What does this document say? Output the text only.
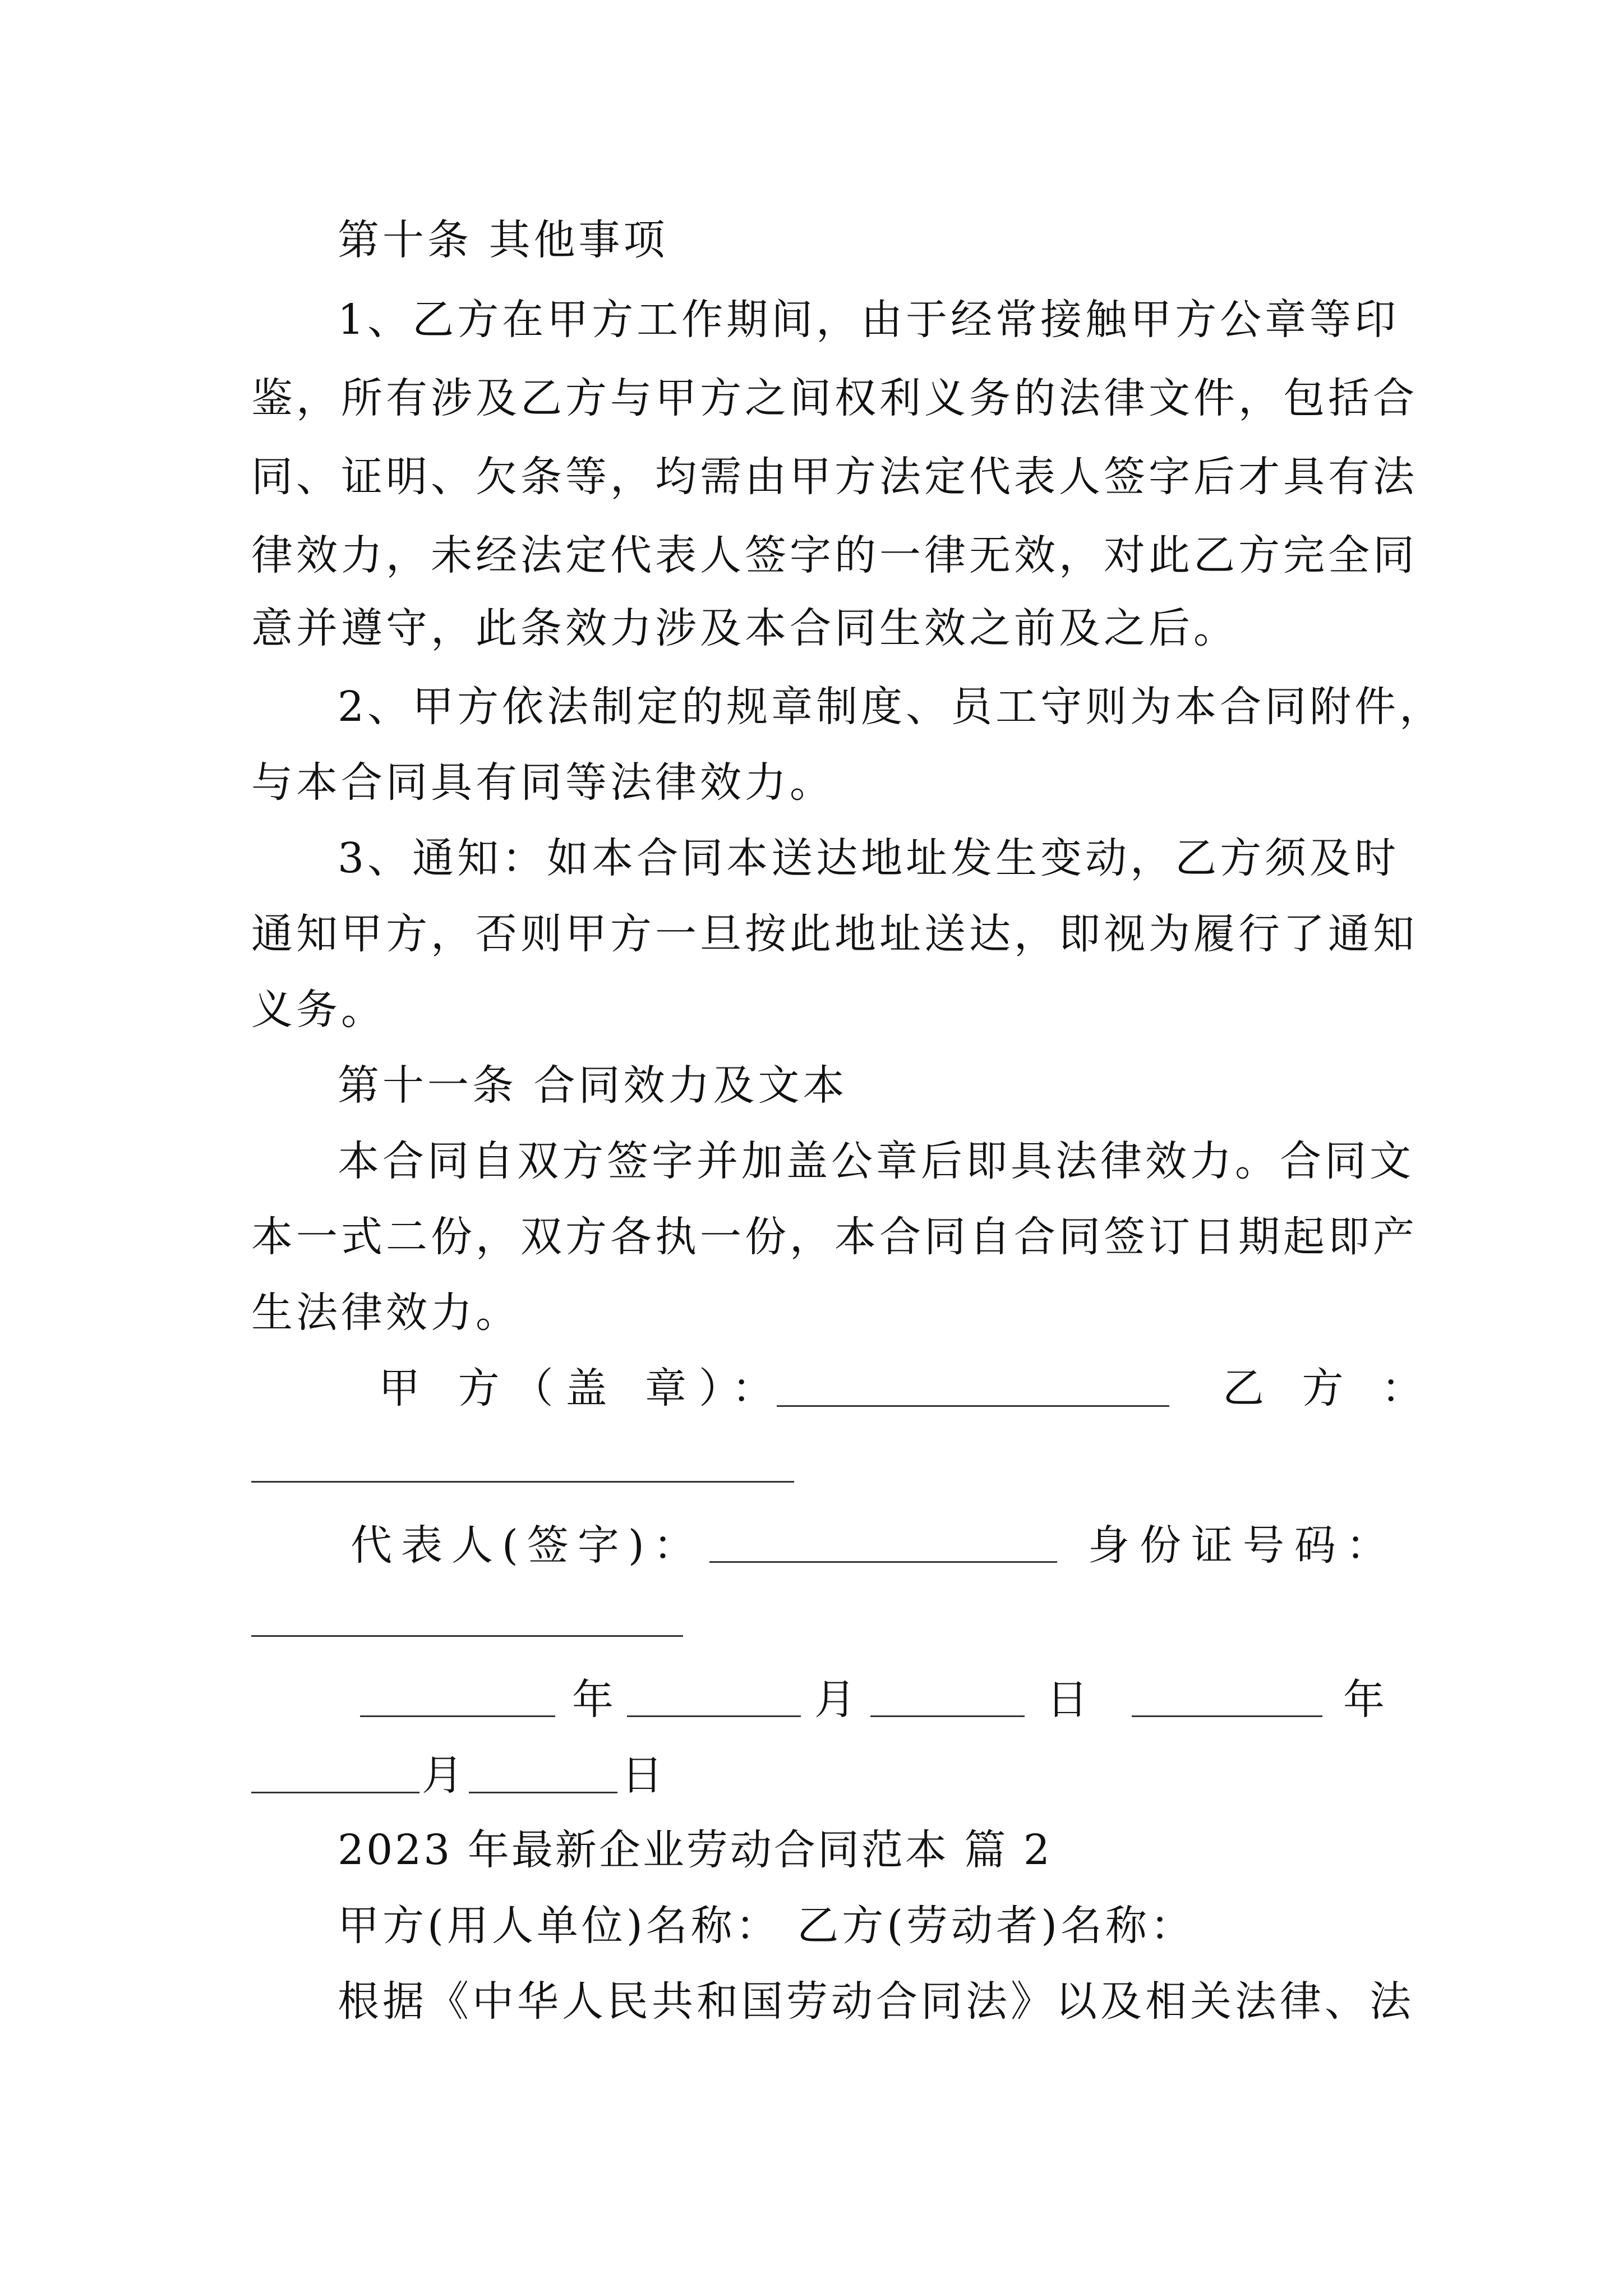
第十条 其他事项
1、乙方在甲方工作期间，由于经常接触甲方公章等印
鉴，所有涉及乙方与甲方之间权利义务的法律文件，包括合
同、证明、欠条等，均需由甲方法定代表人签字后才具有法
律效力，未经法定代表人签字的一律无效，对此乙方完全同
意并遵守，此条效力涉及本合同生效之前及之后。
2、甲方依法制定的规章制度、员工守则为本合同附件，
与本合同具有同等法律效力。
3、通知：如本合同本送达地址发生变动，乙方须及时
通知甲方，否则甲方一旦按此地址送达，即视为履行了通知
义务。
第十一条 合同效力及文本
本合同自双方签字并加盖公章后即具法律效力。合同文
本一式二份，双方各执一份，本合同自合同签订日期起即产
生法律效力。
甲 方（盖 章）：	乙 方 ：
代表人(签字)：	身份证号码：
年	月	日	年
月	日
2023 年最新企业劳动合同范本 篇 2
甲方(用人单位)名称： 乙方(劳动者)名称：
根据《中华人民共和国劳动合同法》以及相关法律、法
